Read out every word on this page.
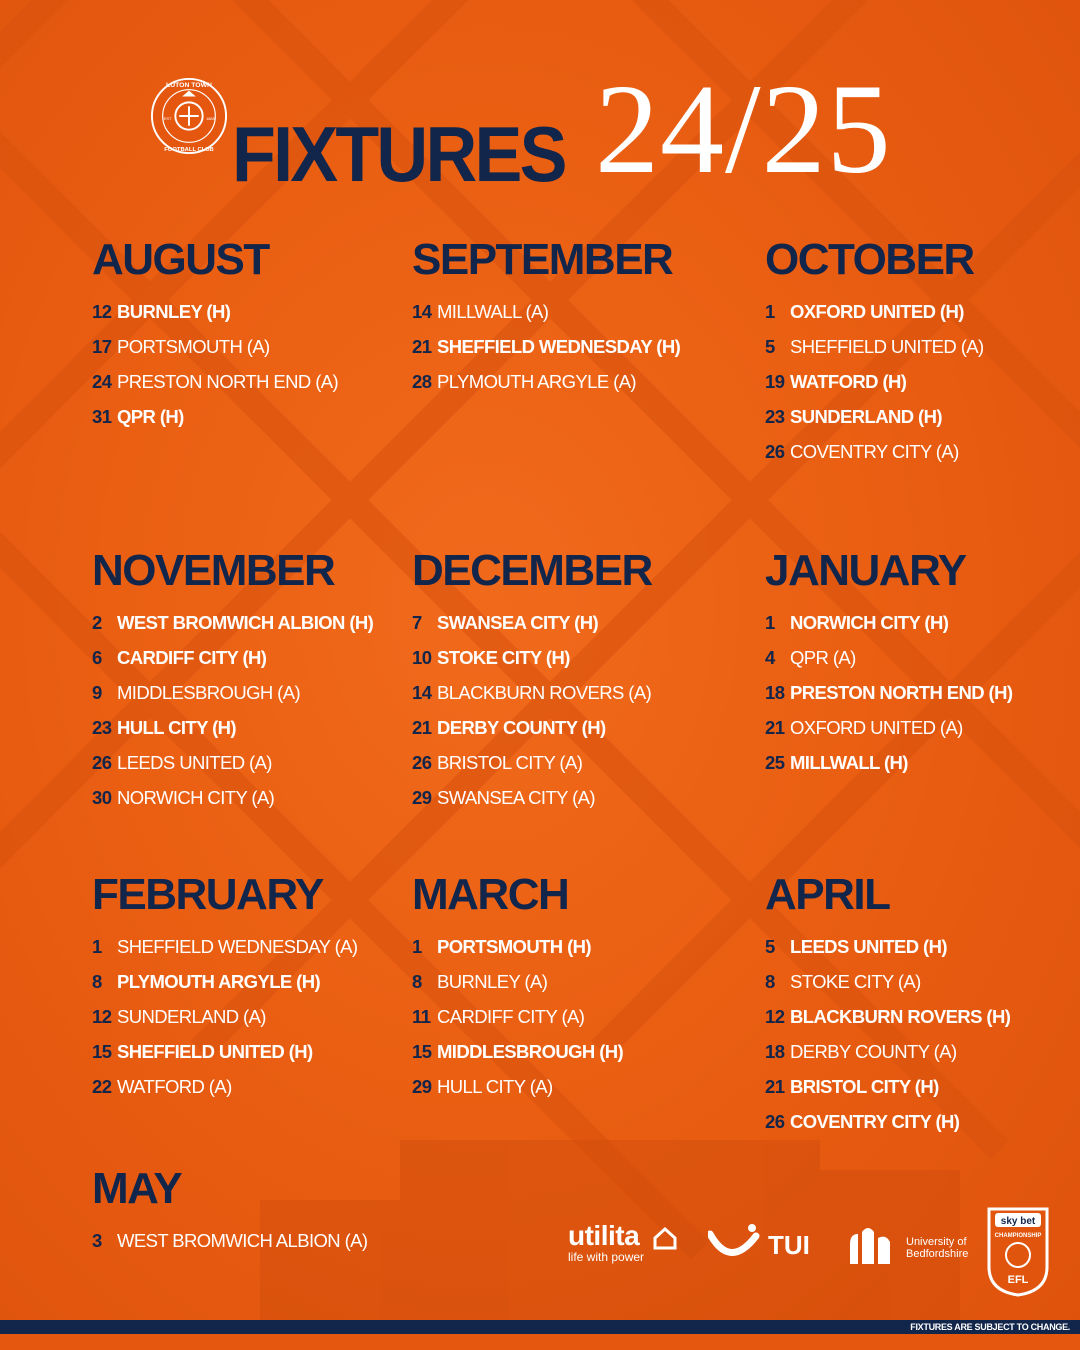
LUTON TOWN
FOOTBALL CLUB
EST	1885 FIXTURES 24/25
AUGUST
12 BURNLEY (H)
17 PORTSMOUTH (A)
24 PRESTON NORTH END (A)
31 QPR (H)
SEPTEMBER
14 MILLWALL (A)
21 SHEFFIELD WEDNESDAY (H)
28 PLYMOUTH ARGYLE (A)
OCTOBER
1 OXFORD UNITED (H)
5 SHEFFIELD UNITED (A)
19 WATFORD (H)
23 SUNDERLAND (H)
26 COVENTRY CITY (A)
NOVEMBER
2 WEST BROMWICH ALBION (H)
6 CARDIFF CITY (H)
9 MIDDLESBROUGH (A)
23 HULL CITY (H)
26 LEEDS UNITED (A)
30 NORWICH CITY (A)
DECEMBER
7 SWANSEA CITY (H)
10 STOKE CITY (H)
14 BLACKBURN ROVERS (A)
21 DERBY COUNTY (H)
26 BRISTOL CITY (A)
29 SWANSEA CITY (A)
JANUARY
1 NORWICH CITY (H)
4 QPR (A)
18 PRESTON NORTH END (H)
21 OXFORD UNITED (A)
25 MILLWALL (H)
FEBRUARY
1 SHEFFIELD WEDNESDAY (A)
8 PLYMOUTH ARGYLE (H)
12 SUNDERLAND (A)
15 SHEFFIELD UNITED (H)
22 WATFORD (A)
MARCH
1 PORTSMOUTH (H)
8 BURNLEY (A)
11 CARDIFF CITY (A)
15 MIDDLESBROUGH (H)
29 HULL CITY (A)
APRIL
5 LEEDS UNITED (H)
8 STOKE CITY (A)
12 BLACKBURN ROVERS (H)
18 DERBY COUNTY (A)
21 BRISTOL CITY (H)
26 COVENTRY CITY (H)
MAY
3 WEST BROMWICH ALBION (A)	utilita
life with power	TUI	University of Bedfordshire
sky bet
CHAMPIONSHIP
EFL
FIXTURES ARE SUBJECT TO CHANGE.
